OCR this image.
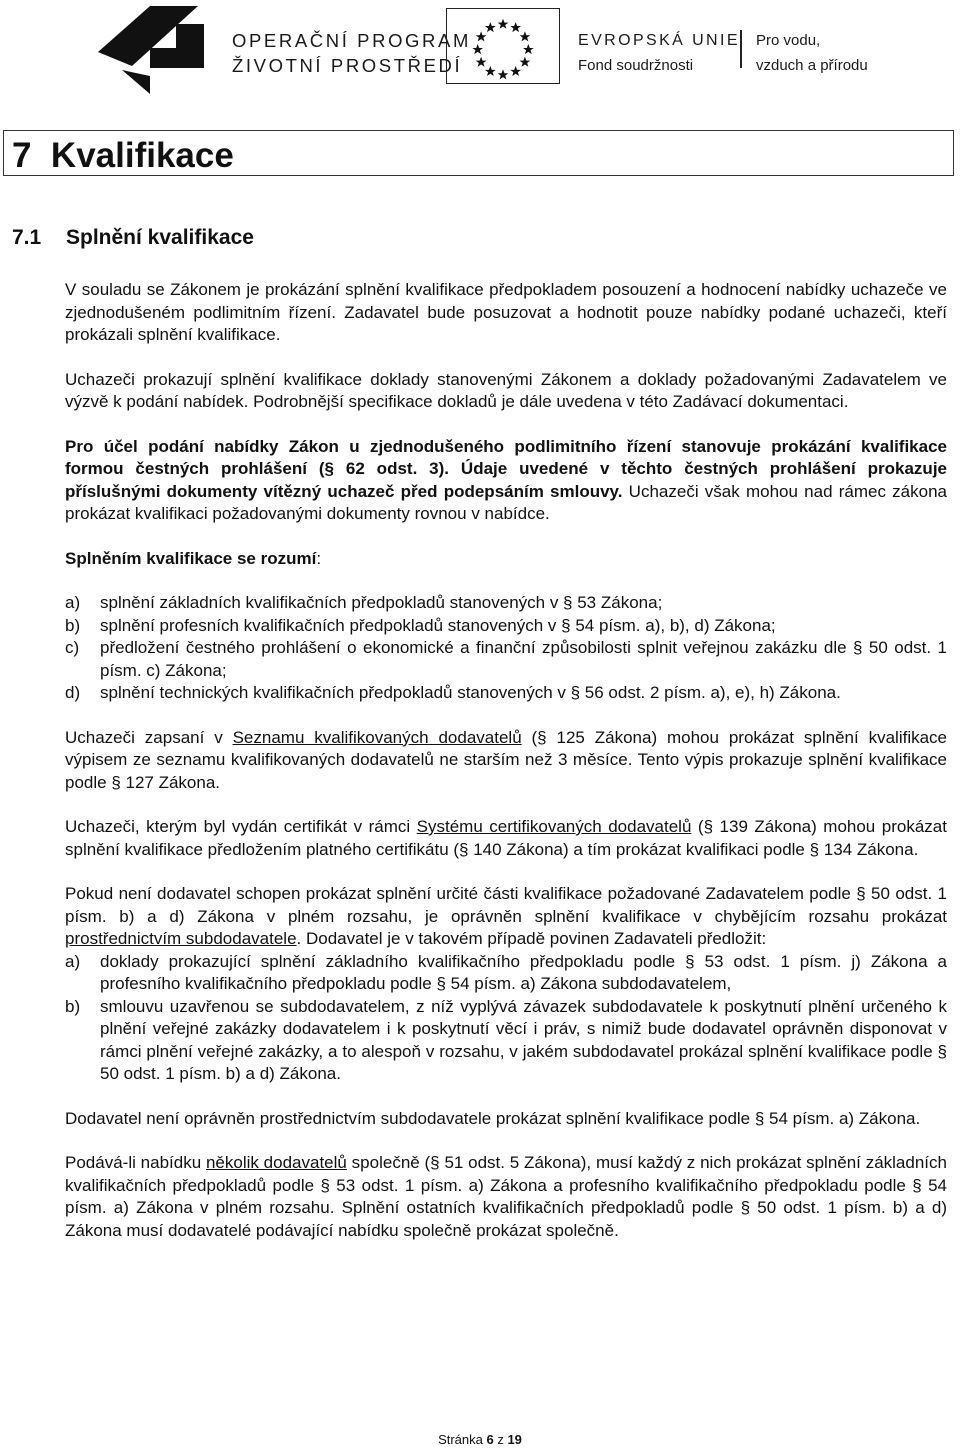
OPERAČNÍ PROGRAM
ŽIVOTNÍ PROSTŘEDÍ
EVROPSKÁ UNIE
Fond soudržnosti
Pro vodu,
vzduch a přírodu
7  Kvalifikace
7.1 Splnění kvalifikace

V souladu se Zákonem je prokázání splnění kvalifikace předpokladem posouzení a hodnocení nabídky uchazeče ve zjednodušeném podlimitním řízení. Zadavatel bude posuzovat a hodnotit pouze nabídky podané uchazeči, kteří prokázali splnění kvalifikace.

Uchazeči prokazují splnění kvalifikace doklady stanovenými Zákonem a doklady požadovanými Zadavatelem ve výzvě k podání nabídek. Podrobnější specifikace dokladů je dále uvedena v této Zadávací dokumentaci.

Pro účel podání nabídky Zákon u zjednodušeného podlimitního řízení stanovuje prokázání kvalifikace formou čestných prohlášení (§ 62 odst. 3). Údaje uvedené v těchto čestných prohlášení prokazuje příslušnými dokumenty vítězný uchazeč před podepsáním smlouvy. Uchazeči však mohou nad rámec zákona prokázat kvalifikaci požadovanými dokumenty rovnou v nabídce.

Splněním kvalifikace se rozumí:

a)	splnění základních kvalifikačních předpokladů stanovených v § 53 Zákona;
b)	splnění profesních kvalifikačních předpokladů stanovených v § 54 písm. a), b), d) Zákona;
c)	předložení čestného prohlášení o ekonomické a finanční způsobilosti splnit veřejnou zakázku dle § 50 odst. 1 písm. c) Zákona;
d)	splnění technických kvalifikačních předpokladů stanovených v § 56 odst. 2 písm. a), e), h) Zákona.

Uchazeči zapsaní v Seznamu kvalifikovaných dodavatelů (§ 125 Zákona) mohou prokázat splnění kvalifikace výpisem ze seznamu kvalifikovaných dodavatelů ne starším než 3 měsíce. Tento výpis prokazuje splnění kvalifikace podle § 127 Zákona.

Uchazeči, kterým byl vydán certifikát v rámci Systému certifikovaných dodavatelů (§ 139 Zákona) mohou prokázat splnění kvalifikace předložením platného certifikátu (§ 140 Zákona) a tím prokázat kvalifikaci podle § 134 Zákona.

Pokud není dodavatel schopen prokázat splnění určité části kvalifikace požadované Zadavatelem podle § 50 odst. 1 písm. b) a d) Zákona v plném rozsahu, je oprávněn splnění kvalifikace v chybějícím rozsahu prokázat prostřednictvím subdodavatele. Dodavatel je v takovém případě povinen Zadavateli předložit:

a)	doklady prokazující splnění základního kvalifikačního předpokladu podle § 53 odst. 1 písm. j) Zákona a profesního kvalifikačního předpokladu podle § 54 písm. a) Zákona subdodavatelem,
b)	smlouvu uzavřenou se subdodavatelem, z níž vyplývá závazek subdodavatele k poskytnutí plnění určeného k plnění veřejné zakázky dodavatelem i k poskytnutí věcí i práv, s nimiž bude dodavatel oprávněn disponovat v rámci plnění veřejné zakázky, a to alespoň v rozsahu, v jakém subdodavatel prokázal splnění kvalifikace podle § 50 odst. 1 písm. b) a d) Zákona.

Dodavatel není oprávněn prostřednictvím subdodavatele prokázat splnění kvalifikace podle § 54 písm. a) Zákona.

Podává-li nabídku několik dodavatelů společně (§ 51 odst. 5 Zákona), musí každý z nich prokázat splnění základních kvalifikačních předpokladů podle § 53 odst. 1 písm. a) Zákona a profesního kvalifikačního předpokladu podle § 54 písm. a) Zákona v plném rozsahu. Splnění ostatních kvalifikačních předpokladů podle § 50 odst. 1 písm. b) a d) Zákona musí dodavatelé podávající nabídku společně prokázat společně.

Stránka 6 z 19
